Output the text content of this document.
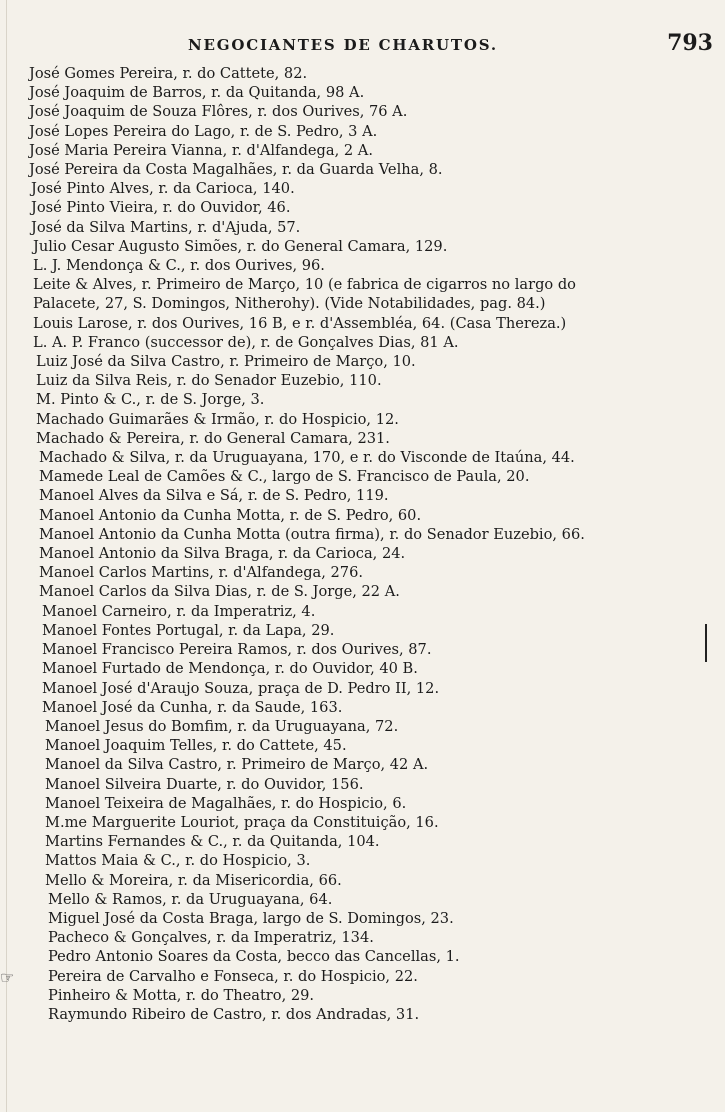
NEGOCIANTES DE CHARUTOS.	793
José Gomes Pereira, r. do Cattete, 82.
José Joaquim de Barros, r. da Quitanda, 98 A.
José Joaquim de Souza Flôres, r. dos Ourives, 76 A.
José Lopes Pereira do Lago, r. de S. Pedro, 3 A.
José Maria Pereira Vianna, r. d'Alfandega, 2 A.
José Pereira da Costa Magalhães, r. da Guarda Velha, 8.
José Pinto Alves, r. da Carioca, 140.
José Pinto Vieira, r. do Ouvidor, 46.
José da Silva Martins, r. d'Ajuda, 57.
Julio Cesar Augusto Simões, r. do General Camara, 129.
L. J. Mendonça & C., r. dos Ourives, 96.
Leite & Alves, r. Primeiro de Março, 10 (e fabrica de cigarros no largo do
Palacete, 27, S. Domingos, Nitherohy). (Vide Notabilidades, pag. 84.)
Louis Larose, r. dos Ourives, 16 B, e r. d'Assembléa, 64. (Casa Thereza.)
L. A. P. Franco (successor de), r. de Gonçalves Dias, 81 A.
Luiz José da Silva Castro, r. Primeiro de Março, 10.
Luiz da Silva Reis, r. do Senador Euzebio, 110.
M. Pinto & C., r. de S. Jorge, 3.
Machado Guimarães & Irmão, r. do Hospicio, 12.
Machado & Pereira, r. do General Camara, 231.
Machado & Silva, r. da Uruguayana, 170, e r. do Visconde de Itaúna, 44.
Mamede Leal de Camões & C., largo de S. Francisco de Paula, 20.
Manoel Alves da Silva e Sá, r. de S. Pedro, 119.
Manoel Antonio da Cunha Motta, r. de S. Pedro, 60.
Manoel Antonio da Cunha Motta (outra firma), r. do Senador Euzebio, 66.
Manoel Antonio da Silva Braga, r. da Carioca, 24.
Manoel Carlos Martins, r. d'Alfandega, 276.
Manoel Carlos da Silva Dias, r. de S. Jorge, 22 A.
Manoel Carneiro, r. da Imperatriz, 4.
Manoel Fontes Portugal, r. da Lapa, 29.
Manoel Francisco Pereira Ramos, r. dos Ourives, 87.
Manoel Furtado de Mendonça, r. do Ouvidor, 40 B.
Manoel José d'Araujo Souza, praça de D. Pedro II, 12.
Manoel José da Cunha, r. da Saude, 163.
Manoel Jesus do Bomfim, r. da Uruguayana, 72.
Manoel Joaquim Telles, r. do Cattete, 45.
Manoel da Silva Castro, r. Primeiro de Março, 42 A.
Manoel Silveira Duarte, r. do Ouvidor, 156.
Manoel Teixeira de Magalhães, r. do Hospicio, 6.
M.me Marguerite Louriot, praça da Constituição, 16.
Martins Fernandes & C., r. da Quitanda, 104.
Mattos Maia & C., r. do Hospicio, 3.
Mello & Moreira, r. da Misericordia, 66.
Mello & Ramos, r. da Uruguayana, 64.
Miguel José da Costa Braga, largo de S. Domingos, 23.
Pacheco & Gonçalves, r. da Imperatriz, 134.
Pedro Antonio Soares da Costa, becco das Cancellas, 1.
Pereira de Carvalho e Fonseca, r. do Hospicio, 22.
Pinheiro & Motta, r. do Theatro, 29.
Raymundo Ribeiro de Castro, r. dos Andradas, 31.
☞
